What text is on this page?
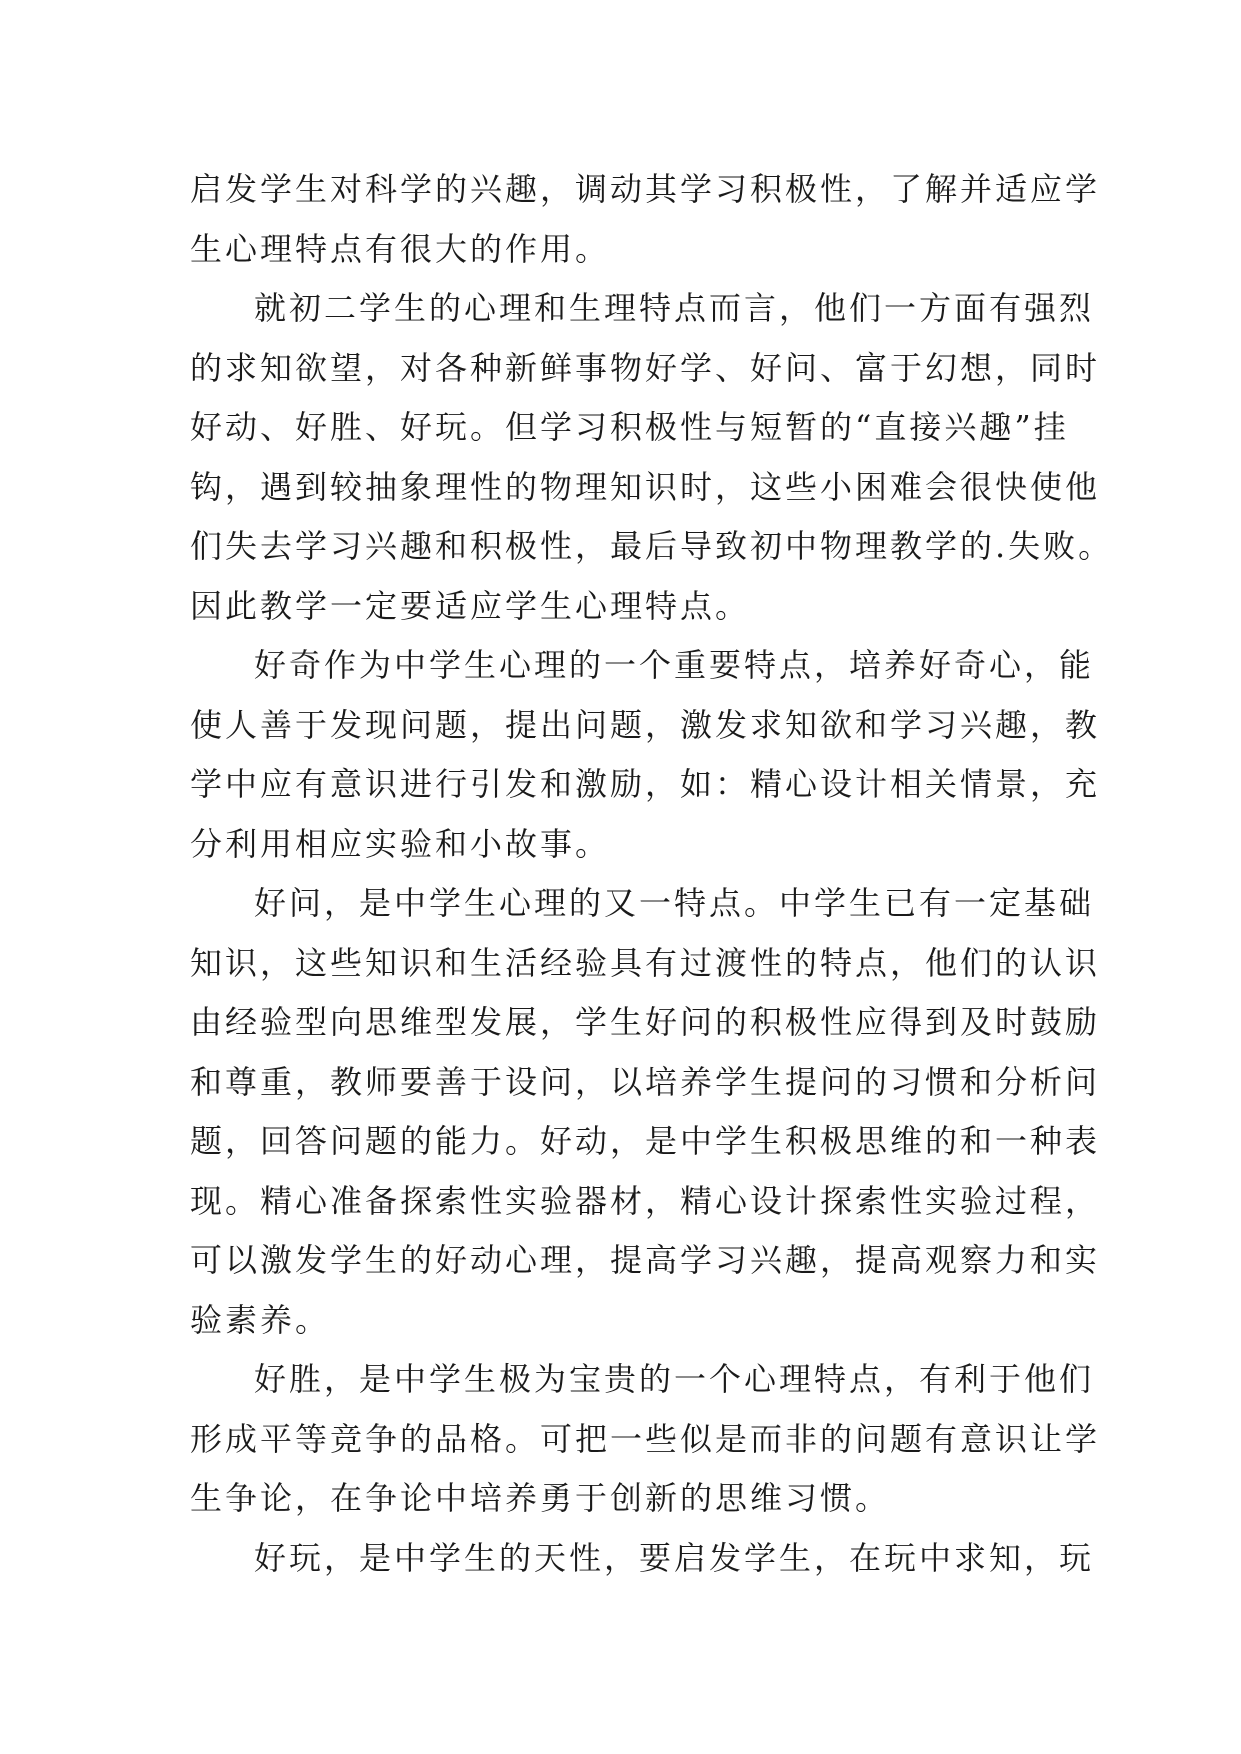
启发学生对科学的兴趣，调动其学习积极性，了解并适应学
生心理特点有很大的作用。
就初二学生的心理和生理特点而言，他们一方面有强烈
的求知欲望，对各种新鲜事物好学、好问、富于幻想，同时
好动、好胜、好玩。但学习积极性与短暂的“直接兴趣”挂
钩，遇到较抽象理性的物理知识时，这些小困难会很快使他
们失去学习兴趣和积极性，最后导致初中物理教学的.失败。
因此教学一定要适应学生心理特点。
好奇作为中学生心理的一个重要特点，培养好奇心，能
使人善于发现问题，提出问题，激发求知欲和学习兴趣，教
学中应有意识进行引发和激励，如：精心设计相关情景，充
分利用相应实验和小故事。
好问，是中学生心理的又一特点。中学生已有一定基础
知识，这些知识和生活经验具有过渡性的特点，他们的认识
由经验型向思维型发展，学生好问的积极性应得到及时鼓励
和尊重，教师要善于设问，以培养学生提问的习惯和分析问
题，回答问题的能力。好动，是中学生积极思维的和一种表
现。精心准备探索性实验器材，精心设计探索性实验过程，
可以激发学生的好动心理，提高学习兴趣，提高观察力和实
验素养。
好胜，是中学生极为宝贵的一个心理特点，有利于他们
形成平等竞争的品格。可把一些似是而非的问题有意识让学
生争论，在争论中培养勇于创新的思维习惯。
好玩，是中学生的天性，要启发学生，在玩中求知，玩
